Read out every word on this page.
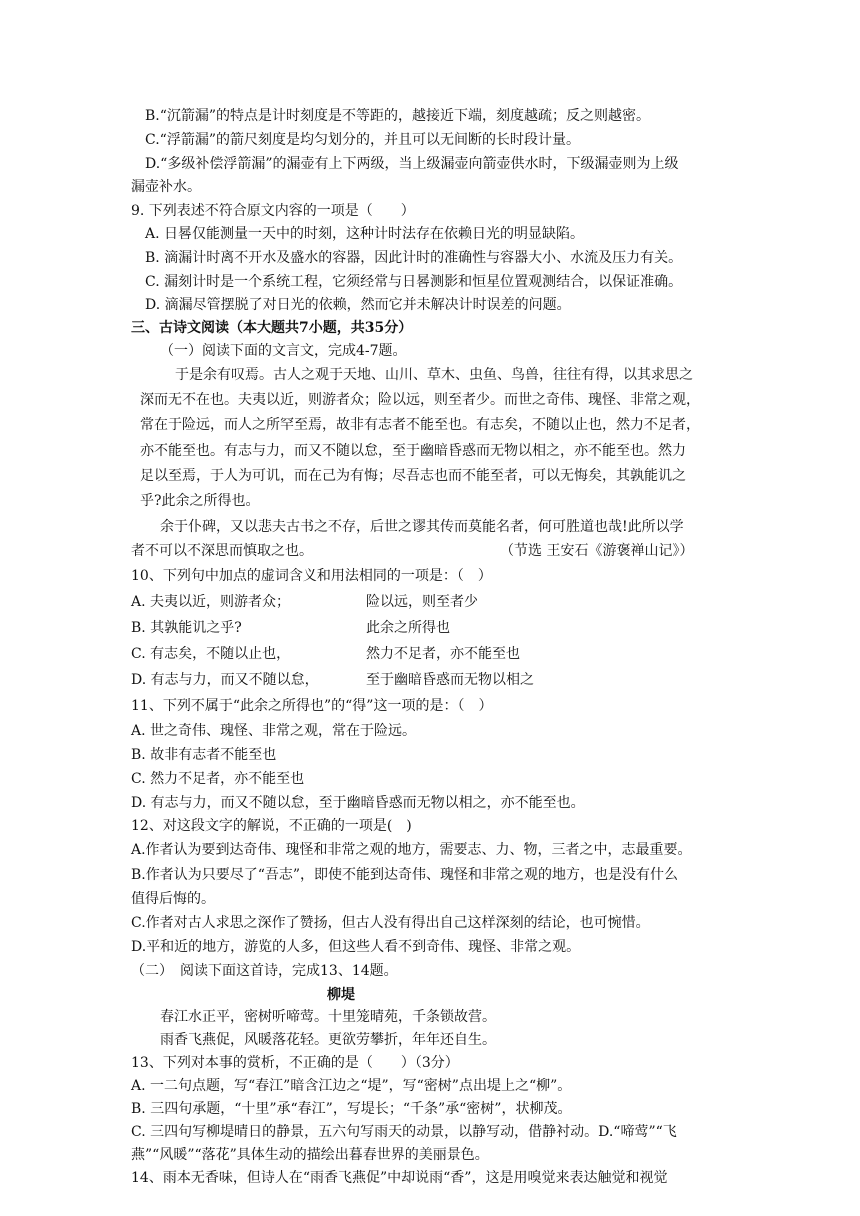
B.“沉箭漏”的特点是计时刻度是不等距的，越接近下端，刻度越疏；反之则越密。
C.“浮箭漏”的箭尺刻度是均匀划分的，并且可以无间断的长时段计量。
D.“多级补偿浮箭漏”的漏壶有上下两级，当上级漏壶向箭壶供水时，下级漏壶则为上级
漏壶补水。
9. 下列表述不符合原文内容的一项是（　　）
A. 日晷仅能测量一天中的时刻，这种计时法存在依赖日光的明显缺陷。
B. 滴漏计时离不开水及盛水的容器，因此计时的准确性与容器大小、水流及压力有关。
C. 漏刻计时是一个系统工程，它须经常与日晷测影和恒星位置观测结合，以保证准确。
D. 滴漏尽管摆脱了对日光的依赖，然而它并未解决计时误差的问题。
三、古诗文阅读（本大题共7小题，共35分）
（一）阅读下面的文言文，完成4-7题。
于是余有叹焉。古人之观于天地、山川、草木、虫鱼、鸟兽，往往有得，以其求思之
深而无不在也。夫夷以近，则游者众；险以远，则至者少。而世之奇伟、瑰怪、非常之观，
常在于险远，而人之所罕至焉，故非有志者不能至也。有志矣，不随以止也，然力不足者，
亦不能至也。有志与力，而又不随以怠，至于幽暗昏惑而无物以相之，亦不能至也。然力
足以至焉，于人为可讥，而在己为有悔；尽吾志也而不能至者，可以无悔矣，其孰能讥之
乎?此余之所得也。
余于仆碑，又以悲夫古书之不存，后世之谬其传而莫能名者，何可胜道也哉!此所以学
者不可以不深思而慎取之也。	（节选 王安石《游褒禅山记》）
10、下列句中加点的虚词含义和用法相同的一项是：（　）
A. 夫夷以近，则游者众；	险以远，则至者少
B. 其孰能讥之乎?	此余之所得也
C. 有志矣，不随以止也，	然力不足者，亦不能至也
D. 有志与力，而又不随以怠，	至于幽暗昏惑而无物以相之
11、下列不属于“此余之所得也”的“得”这一项的是：（　）
A. 世之奇伟、瑰怪、非常之观，常在于险远。
B. 故非有志者不能至也
C. 然力不足者，亦不能至也
D. 有志与力，而又不随以怠，至于幽暗昏惑而无物以相之，亦不能至也。
12、对这段文字的解说，不正确的一项是(　)
A.作者认为要到达奇伟、瑰怪和非常之观的地方，需要志、力、物，三者之中，志最重要。
B.作者认为只要尽了“吾志”，即使不能到达奇伟、瑰怪和非常之观的地方，也是没有什么
值得后悔的。
C.作者对古人求思之深作了赞扬，但古人没有得出自己这样深刻的结论，也可惋惜。
D.平和近的地方，游览的人多，但这些人看不到奇伟、瑰怪、非常之观。
（二）　阅读下面这首诗，完成13、14题。
柳堤
春江水正平，密树听啼莺。十里笼晴苑，千条锁故营。
雨香飞燕促，风暖落花轻。更欲劳攀折，年年还自生。
13、下列对本事的赏析，不正确的是（　　）（3分）
A. 一二句点题，写“春江”暗含江边之“堤”，写“密树”点出堤上之“柳”。
B. 三四句承题，“十里”承“春江”，写堤长；“千条”承“密树”，状柳茂。
C. 三四句写柳堤晴日的静景，五六句写雨天的动景，以静写动，借静衬动。D.“啼莺”“飞
燕”“风暖”“落花”具体生动的描绘出暮春世界的美丽景色。
14、雨本无香味，但诗人在“雨香飞燕促”中却说雨“香”，这是用嗅觉来表达触觉和视觉
